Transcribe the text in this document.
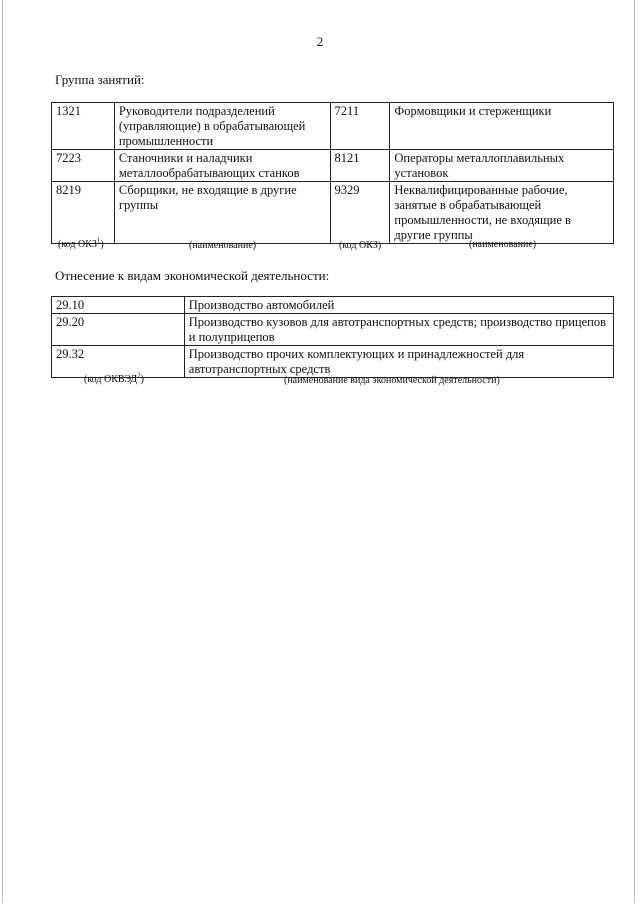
2
Группа занятий:
1321	Руководители подразделений (управляющие) в обрабатывающей промышленности	7211	Формовщики и стерженщики
7223	Станочники и наладчики металлообрабатывающих станков	8121	Операторы металлоплавильных установок
8219	Сборщики, не входящие в другие группы	9329	Неквалифицированные рабочие, занятые в обрабатывающей промышленности, не входящие в другие группы
(код ОКЗ$^1$)	(наименование)	(код ОКЗ)	(наименование)
Отнесение к видам экономической деятельности:
29.10	Производство автомобилей
29.20	Производство кузовов для автотранспортных средств; производство прицепов и полуприцепов
29.32	Производство прочих комплектующих и принадлежностей для автотранспортных средств
(код ОКВЭД$^2$)	(наименование вида экономической деятельности)
